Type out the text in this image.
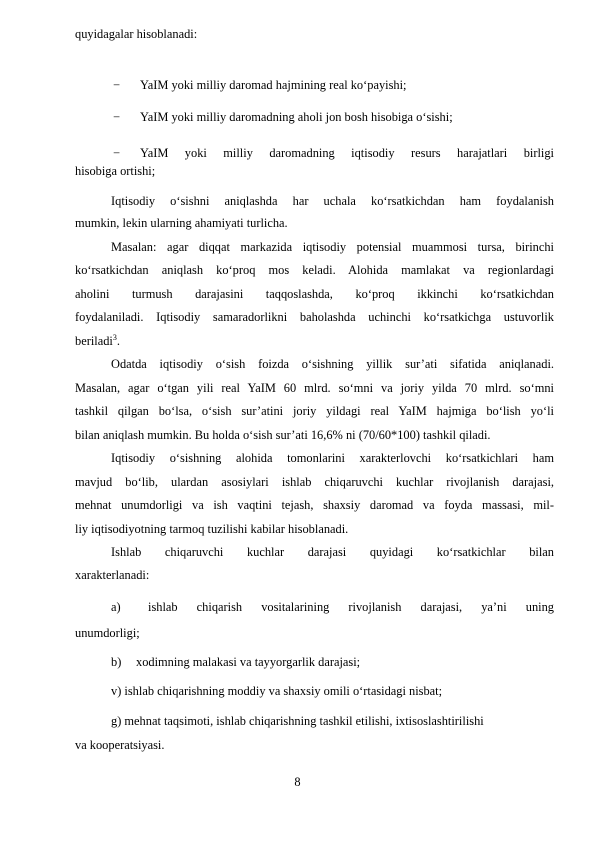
quyidagalar hisoblanadi:
− YaIM yoki milliy daromad hajmining real ko‘payishi;
− YaIM yoki milliy daromadning aholi jon bosh hisobiga o‘sishi;
− YaIM yoki milliy daromadning iqtisodiy resurs harajatlari birligi
hisobiga ortishi;
Iqtisodiy o‘sishni aniqlashda har uchala ko‘rsatkichdan ham foydalanish
mumkin, lekin ularning ahamiyati turlicha.
Masalan: agar diqqat markazida iqtisodiy potensial muammosi tursa, birinchi
ko‘rsatkichdan aniqlash ko‘proq mos keladi. Alohida mamlakat va regionlardagi
aholini turmush darajasini taqqoslashda, ko‘proq ikkinchi ko‘rsatkichdan
foydalaniladi. Iqtisodiy samaradorlikni baholashda uchinchi ko‘rsatkichga ustuvorlik
beriladi$^3$.
Odatda iqtisodiy o‘sish foizda o‘sishning yillik sur’ati sifatida aniqlanadi.
Masalan, agar o‘tgan yili real YaIM 60 mlrd. so‘mni va joriy yilda 70 mlrd. so‘mni
tashkil qilgan bo‘lsa, o‘sish sur’atini joriy yildagi real YaIM hajmiga bo‘lish yo‘li
bilan aniqlash mumkin. Bu holda o‘sish sur’ati 16,6% ni (70/60*100) tashkil qiladi.
Iqtisodiy o‘sishning alohida tomonlarini xarakterlovchi ko‘rsatkichlari ham
mavjud bo‘lib, ulardan asosiylari ishlab chiqaruvchi kuchlar rivojlanish darajasi,
mehnat unumdorligi va ish vaqtini tejash, shaxsiy daromad va foyda massasi, mil-
liy iqtisodiyotning tarmoq tuzilishi kabilar hisoblanadi.
Ishlab chiqaruvchi kuchlar darajasi quyidagi ko‘rsatkichlar bilan
xarakterlanadi:
a) ishlab chiqarish vositalarining rivojlanish darajasi, ya’ni uning
unumdorligi;
b) xodimning malakasi va tayyorgarlik darajasi;
v) ishlab chiqarishning moddiy va shaxsiy omili o‘rtasidagi nisbat;
g) mehnat taqsimoti, ishlab chiqarishning tashkil etilishi, ixtisoslashtirilishi
va kooperatsiyasi.
8
